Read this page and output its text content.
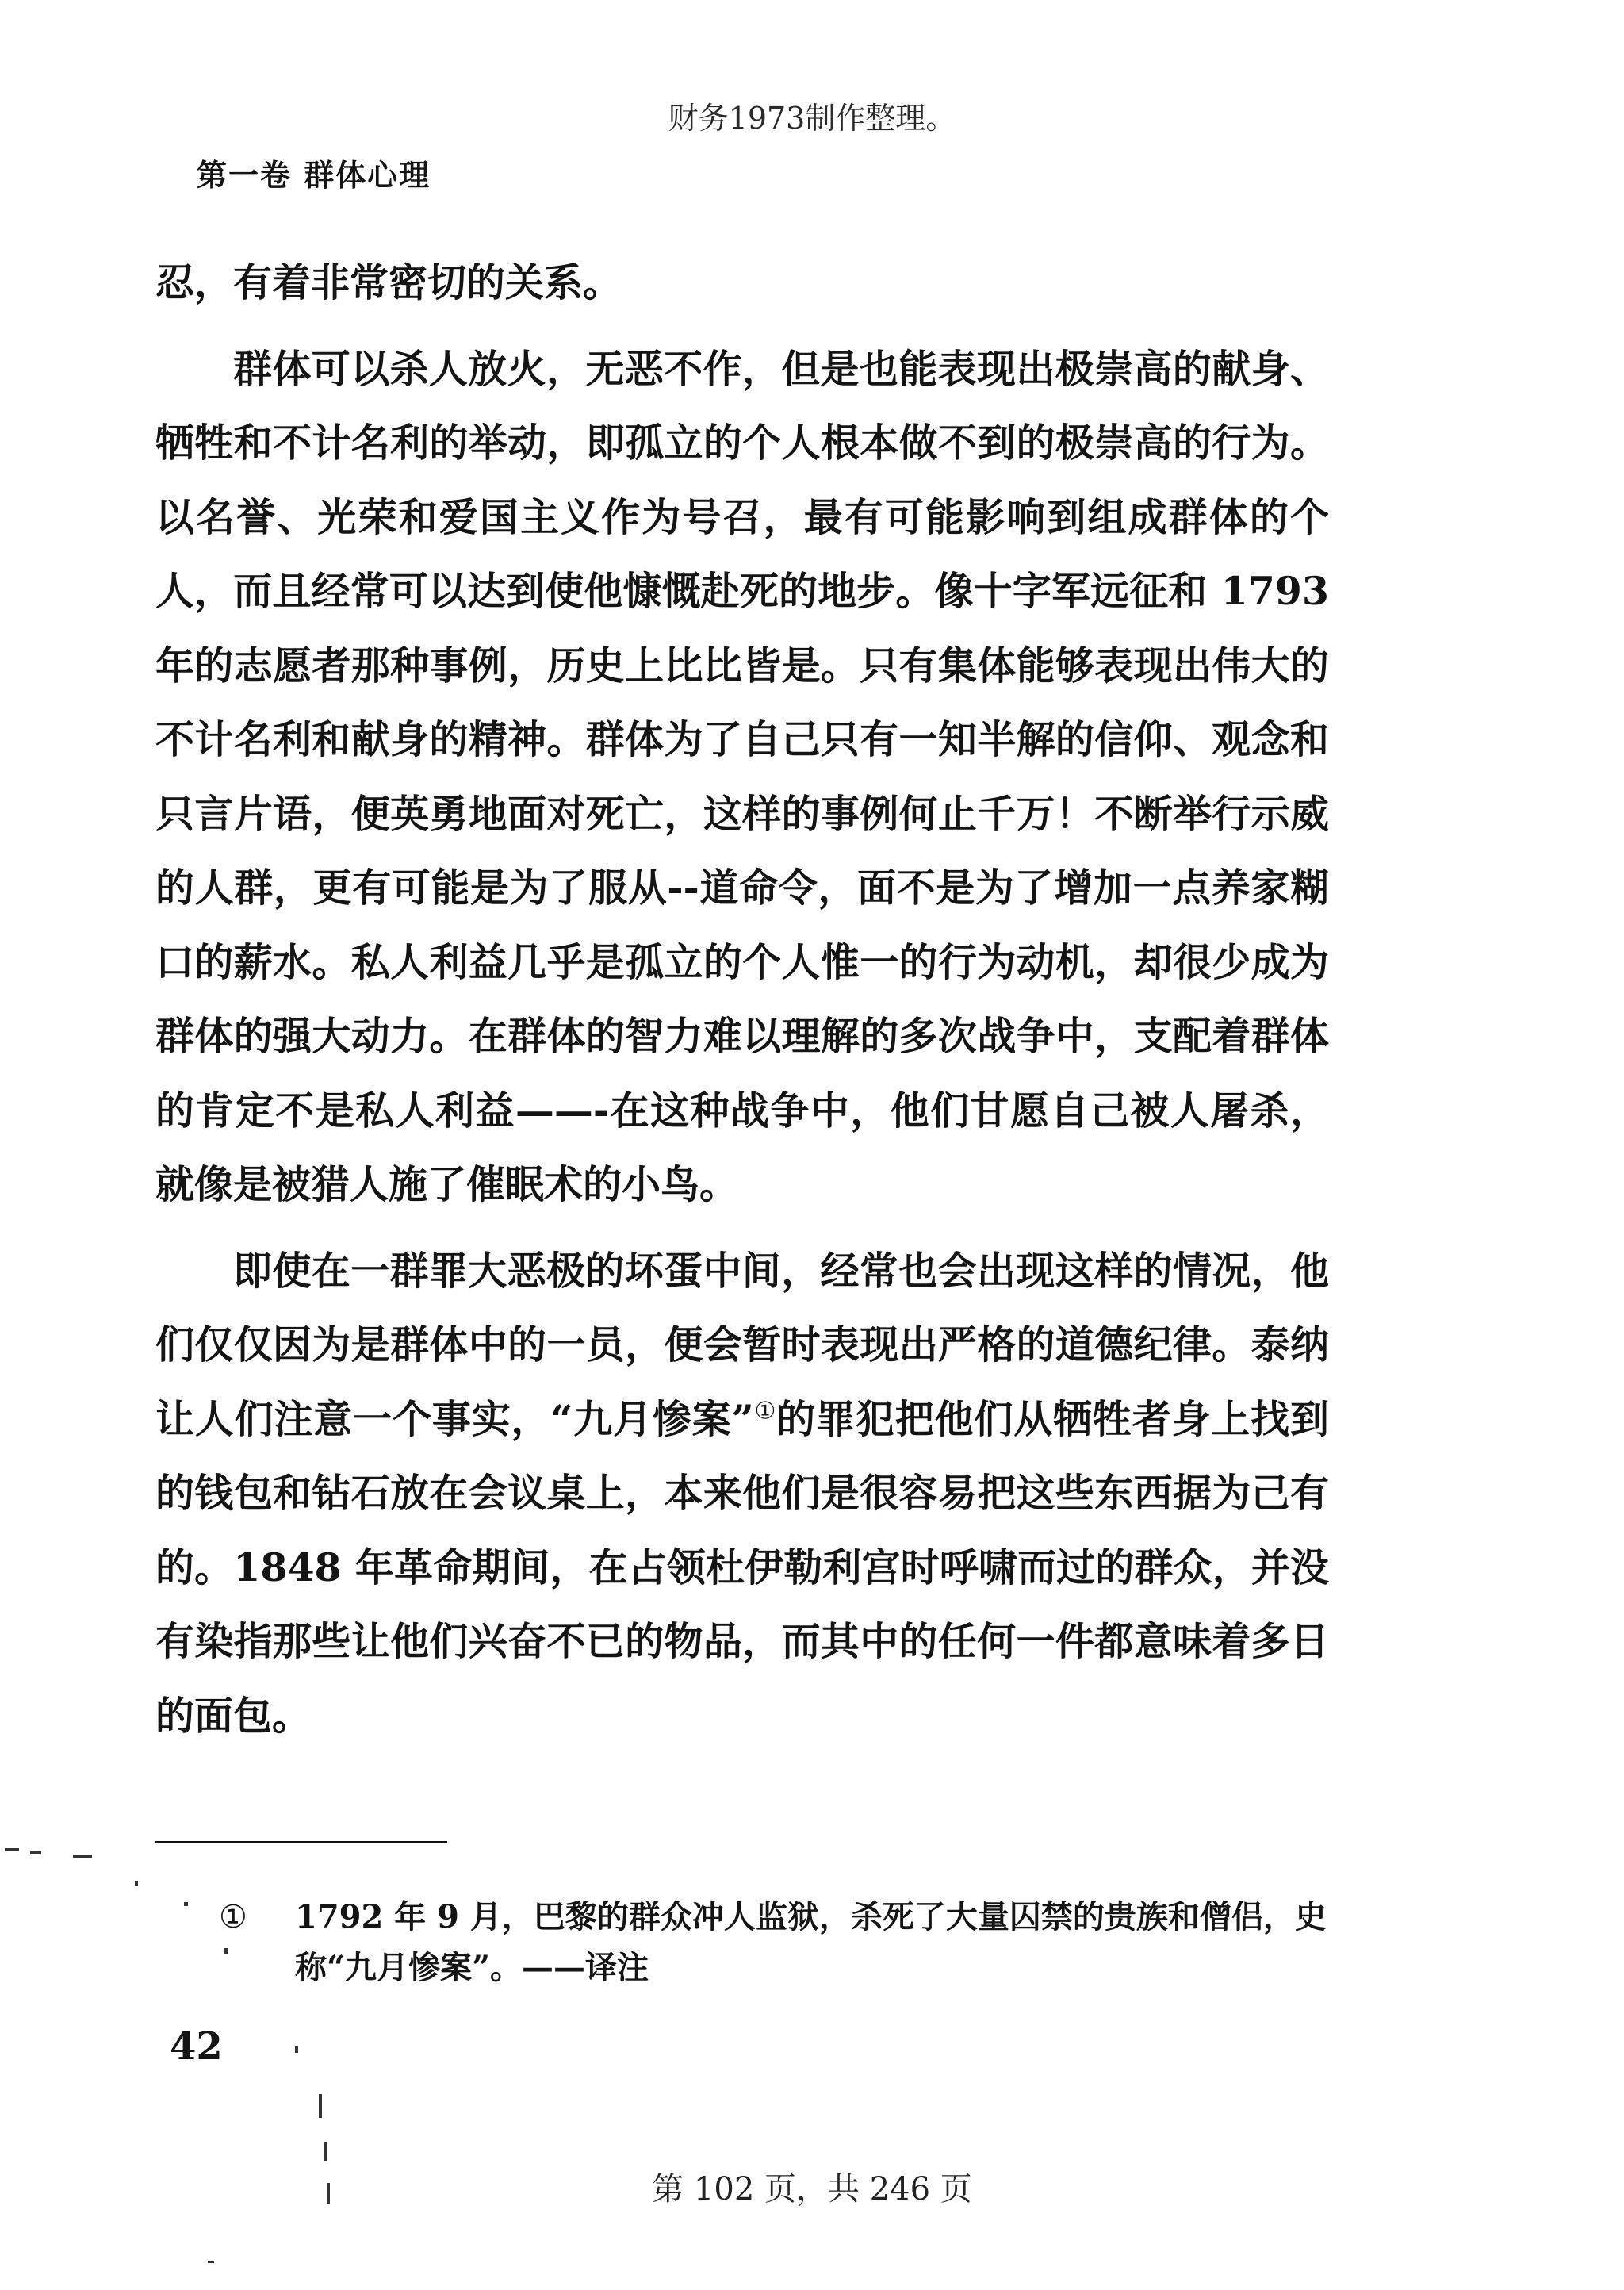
财务1973制作整理。
第一卷 群体心理

忍，有着非常密切的关系。

群体可以杀人放火，无恶不作，但是也能表现出极崇高的献身、牺牲和不计名利的举动，即孤立的个人根本做不到的极崇高的行为。以名誉、光荣和爱国主义作为号召，最有可能影响到组成群体的个人，而且经常可以达到使他慷慨赴死的地步。像十字军远征和 1793 年的志愿者那种事例，历史上比比皆是。只有集体能够表现出伟大的不计名利和献身的精神。群体为了自己只有一知半解的信仰、观念和只言片语，便英勇地面对死亡，这样的事例何止千万！不断举行示威的人群，更有可能是为了服从--道命令，面不是为了增加一点养家糊口的薪水。私人利益几乎是孤立的个人惟一的行为动机，却很少成为群体的强大动力。在群体的智力难以理解的多次战争中，支配着群体的肯定不是私人利益——-在这种战争中，他们甘愿自己被人屠杀，就像是被猎人施了催眠术的小鸟。

即使在一群罪大恶极的坏蛋中间，经常也会出现这样的情况，他们仅仅因为是群体中的一员，便会暂时表现出严格的道德纪律。泰纳让人们注意一个事实，“九月惨案”①的罪犯把他们从牺牲者身上找到的钱包和钻石放在会议桌上，本来他们是很容易把这些东西据为己有的。1848 年革命期间，在占领杜伊勒利宫时呼啸而过的群众，并没有染指那些让他们兴奋不已的物品，而其中的任何一件都意味着多日的面包。

①	1792 年 9 月，巴黎的群众冲人监狱，杀死了大量囚禁的贵族和僧侣，史称“九月惨案”。——译注
42
第 102 页，共 246 页
